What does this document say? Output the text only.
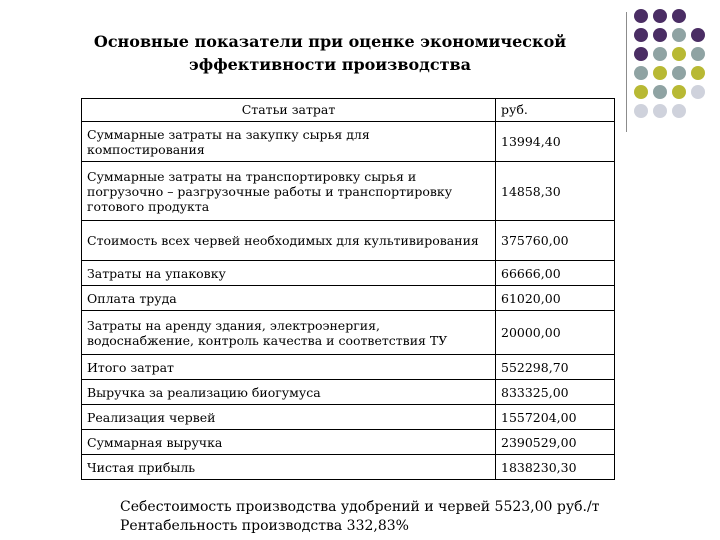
Основные показатели при оценке экономической
эффективности производства
Статьи затрат	руб.
Суммарные затраты на закупку сырья для компостирования	13994,40
Суммарные затраты на транспортировку сырья и погрузочно – разгрузочные работы и транспортировку готового продукта	14858,30
Стоимость всех червей необходимых для культивирования	375760,00
Затраты на упаковку	66666,00
Оплата труда	61020,00
Затраты на аренду здания, электроэнергия, водоснабжение, контроль качества и соответствия ТУ	20000,00
Итого затрат	552298,70
Выручка за реализацию биогумуса	833325,00
Реализация червей	1557204,00
Суммарная выручка	2390529,00
Чистая прибыль	1838230,30
Себестоимость производства удобрений и червей 5523,00 руб./т
Рентабельность производства 332,83%
